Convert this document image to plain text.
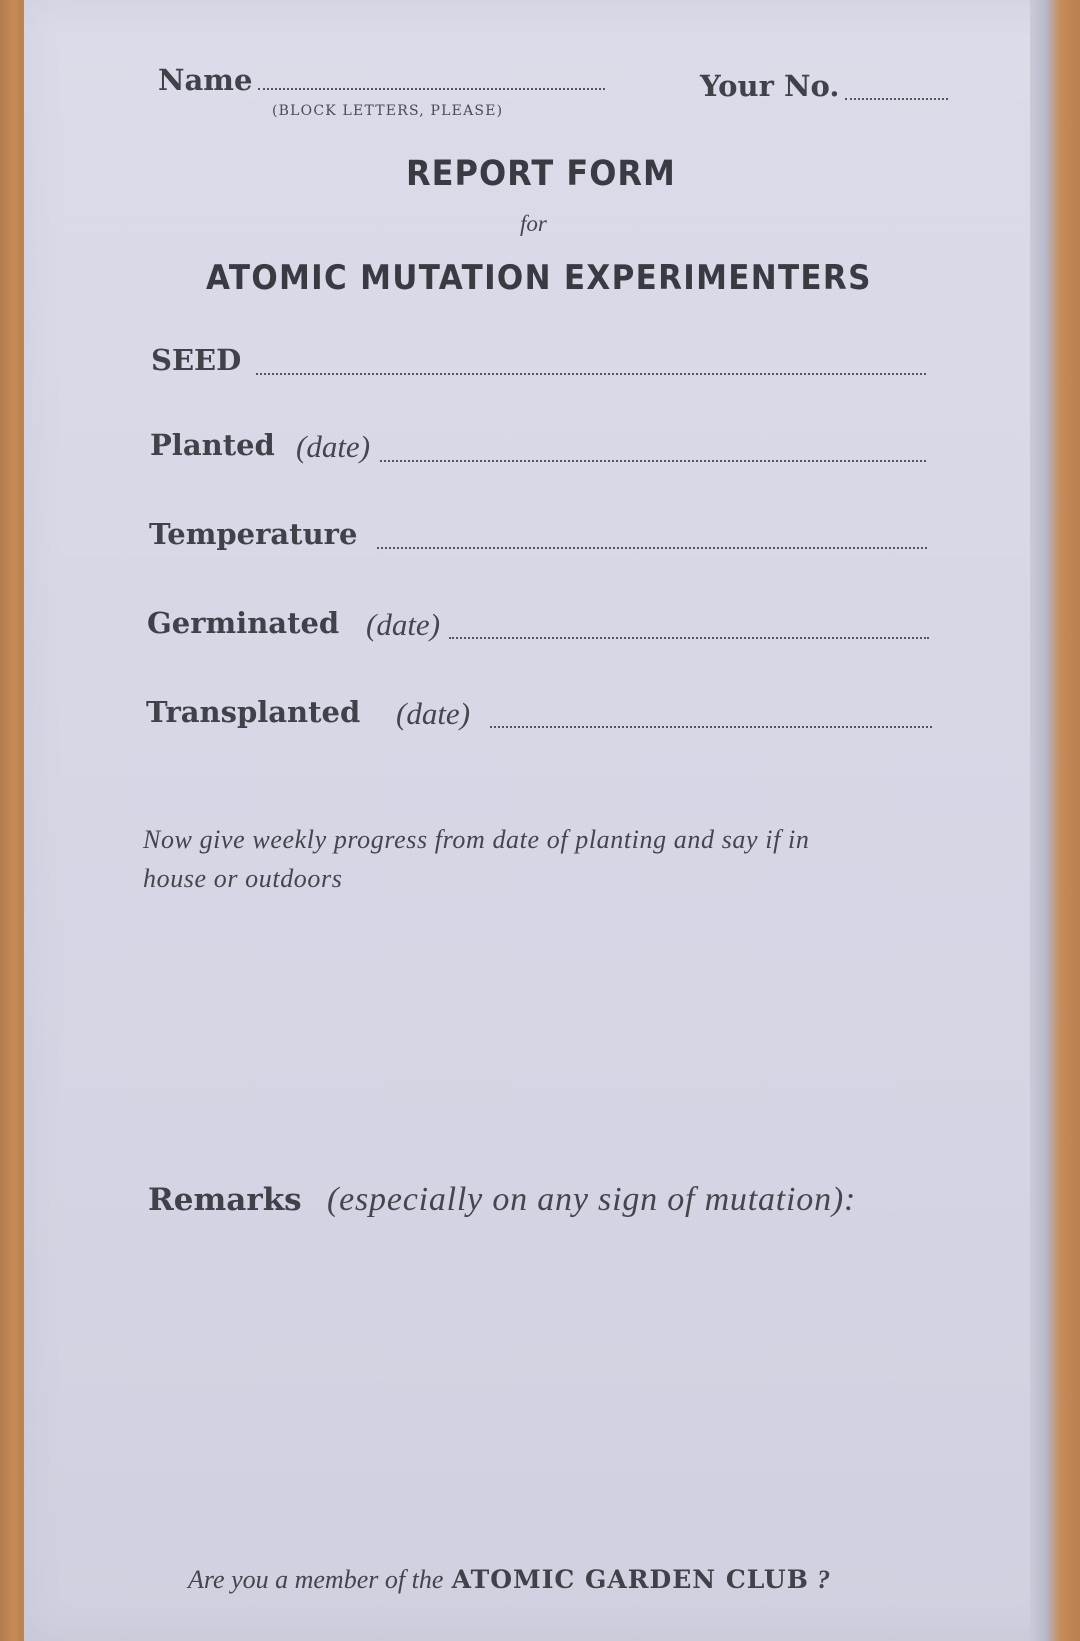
Name
(BLOCK LETTERS, PLEASE)
Your No.
REPORT FORM
for
ATOMIC MUTATION EXPERIMENTERS
SEED
Planted (date)
Temperature
Germinated (date)
Transplanted (date)
Now give weekly progress from date of planting and say if in
house or outdoors
Remarks (especially on any sign of mutation):
Are you a member of the ATOMIC GARDEN CLUB ?
